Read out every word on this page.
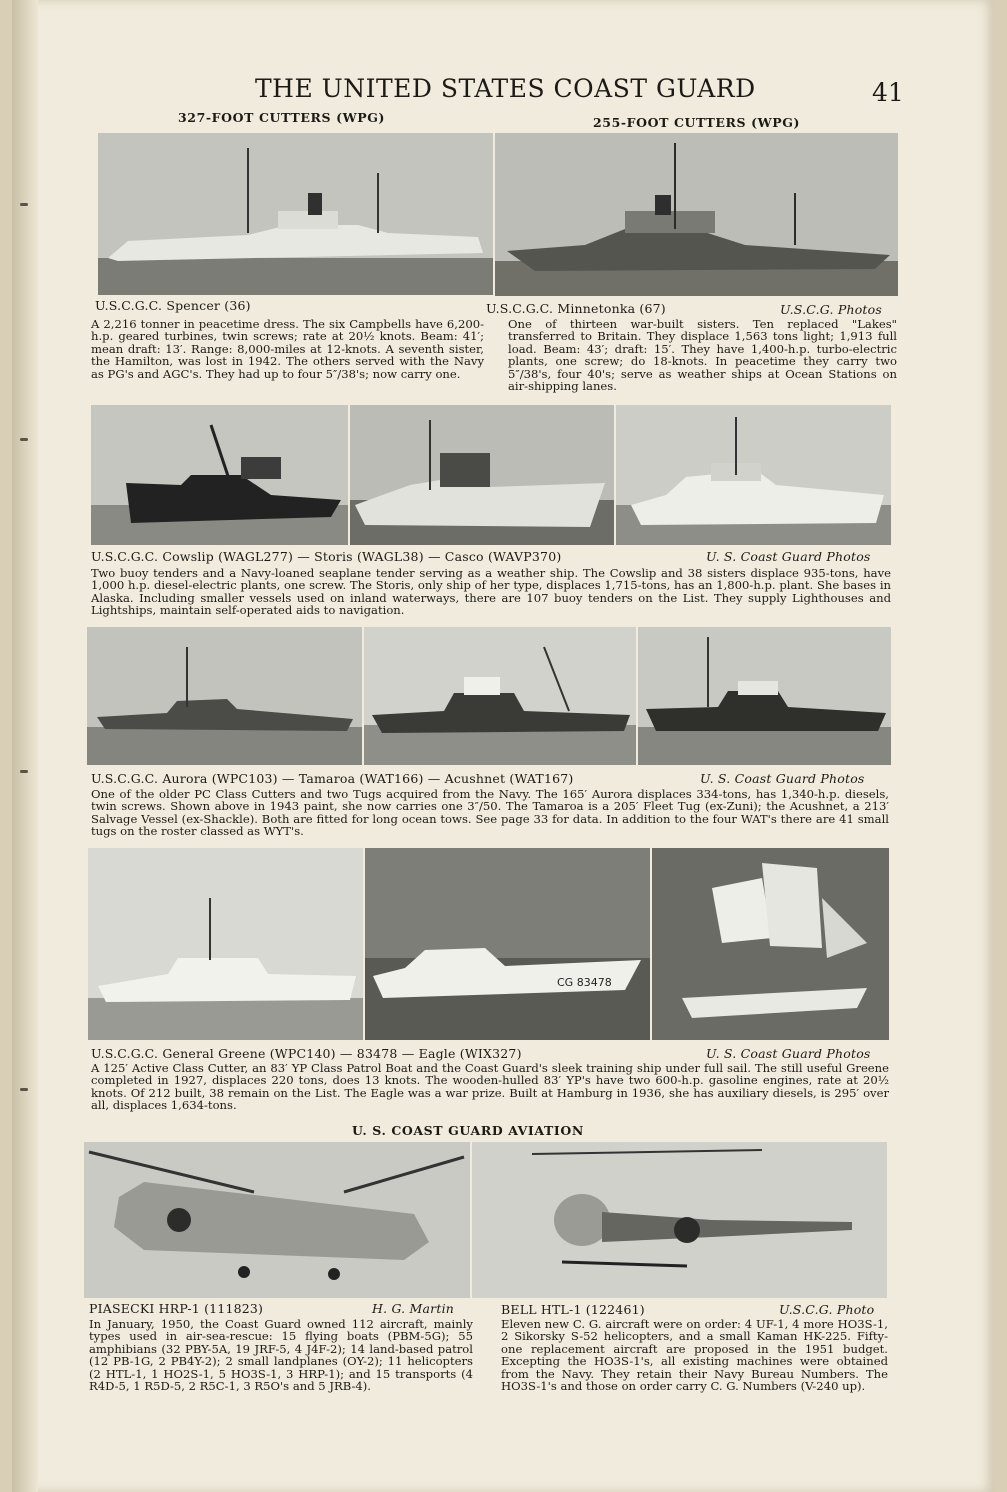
THE UNITED STATES COAST GUARD	41
327-FOOT CUTTERS (WPG)	255-FOOT CUTTERS (WPG)
U.S.C.G.C. Spencer (36)	U.S.C.G.C. Minnetonka (67)	U.S.C.G. Photos

A 2,216 tonner in peacetime dress. The six Campbells have 6,200-h.p. geared turbines, twin screws; rate at 20½ knots. Beam: 41′; mean draft: 13′. Range: 8,000-miles at 12-knots. A seventh sister, the Hamilton, was lost in 1942. The others served with the Navy as PG's and AGC's. They had up to four 5″/38's; now carry one.

One of thirteen war-built sisters. Ten replaced "Lakes" transferred to Britain. They displace 1,563 tons light; 1,913 full load. Beam: 43′; draft: 15′. They have 1,400-h.p. turbo-electric plants, one screw; do 18-knots. In peacetime they carry two 5″/38's, four 40's; serve as weather ships at Ocean Stations on air-shipping lanes.

U.S.C.G.C. Cowslip (WAGL277) — Storis (WAGL38) — Casco (WAVP370)	U. S. Coast Guard Photos

Two buoy tenders and a Navy-loaned seaplane tender serving as a weather ship. The Cowslip and 38 sisters displace 935-tons, have 1,000 h.p. diesel-electric plants, one screw. The Storis, only ship of her type, displaces 1,715-tons, has an 1,800-h.p. plant. She bases in Alaska. Including smaller vessels used on inland waterways, there are 107 buoy tenders on the List. They supply Lighthouses and Lightships, maintain self-operated aids to navigation.

U.S.C.G.C. Aurora (WPC103) — Tamaroa (WAT166) — Acushnet (WAT167)	U. S. Coast Guard Photos

One of the older PC Class Cutters and two Tugs acquired from the Navy. The 165′ Aurora displaces 334-tons, has 1,340-h.p. diesels, twin screws. Shown above in 1943 paint, she now carries one 3″/50. The Tamaroa is a 205′ Fleet Tug (ex-Zuni); the Acushnet, a 213′ Salvage Vessel (ex-Shackle). Both are fitted for long ocean tows. See page 33 for data. In addition to the four WAT's there are 41 small tugs on the roster classed as WYT's.

CG 83478
U.S.C.G.C. General Greene (WPC140) — 83478 — Eagle (WIX327)	U. S. Coast Guard Photos

A 125′ Active Class Cutter, an 83′ YP Class Patrol Boat and the Coast Guard's sleek training ship under full sail. The still useful Greene completed in 1927, displaces 220 tons, does 13 knots. The wooden-hulled 83′ YP's have two 600-h.p. gasoline engines, rate at 20½ knots. Of 212 built, 38 remain on the List. The Eagle was a war prize. Built at Hamburg in 1936, she has auxiliary diesels, is 295′ over all, displaces 1,634-tons.

U. S. COAST GUARD AVIATION
PIASECKI HRP-1 (111823)	H. G. Martin	BELL HTL-1 (122461)	U.S.C.G. Photo

In January, 1950, the Coast Guard owned 112 aircraft, mainly types used in air-sea-rescue: 15 flying boats (PBM-5G); 55 amphibians (32 PBY-5A, 19 JRF-5, 4 J4F-2); 14 land-based patrol (12 PB-1G, 2 PB4Y-2); 2 small landplanes (OY-2); 11 helicopters (2 HTL-1, 1 HO2S-1, 5 HO3S-1, 3 HRP-1); and 15 transports (4 R4D-5, 1 R5D-5, 2 R5C-1, 3 R5O's and 5 JRB-4).

Eleven new C. G. aircraft were on order: 4 UF-1, 4 more HO3S-1, 2 Sikorsky S-52 helicopters, and a small Kaman HK-225. Fifty-one replacement aircraft are proposed in the 1951 budget. Excepting the HO3S-1's, all existing machines were obtained from the Navy. They retain their Navy Bureau Numbers. The HO3S-1's and those on order carry C. G. Numbers (V-240 up).
